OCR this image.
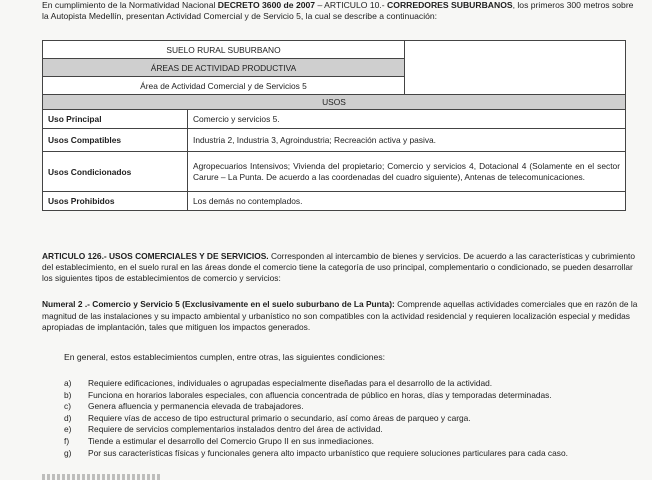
En cumplimiento de la Normatividad Nacional DECRETO 3600 de 2007 – ARTICULO 10.- CORREDORES SUBURBANOS, los primeros 300 metros sobre la Autopista Medellín, presentan Actividad Comercial y de Servicio 5, la cual se describe a continuación:

SUELO RURAL SUBURBANO		
ÁREAS DE ACTIVIDAD PRODUCTIVA		
Área de Actividad Comercial y de Servicios 5		
USOS		
Uso Principal	Comercio y servicios 5.	
Usos Compatibles	Industria 2, Industria 3, Agroindustria; Recreación activa y pasiva.	
Usos Condicionados	Agropecuarios Intensivos; Vivienda del propietario; Comercio y servicios 4, Dotacional 4 (Solamente en el sector Carure – La Punta. De acuerdo a las coordenadas del cuadro siguiente), Antenas de telecomunicaciones.	
Usos Prohibidos	Los demás no contemplados.	

ARTICULO 126.- USOS COMERCIALES Y DE SERVICIOS. Corresponden al intercambio de bienes y servicios. De acuerdo a las características y cubrimiento del establecimiento, en el suelo rural en las áreas donde el comercio tiene la categoría de uso principal, complementario o condicionado, se pueden desarrollar los siguientes tipos de establecimientos de comercio y servicios:

Numeral 2 .- Comercio y Servicio 5 (Exclusivamente en el suelo suburbano de La Punta): Comprende aquellas actividades comerciales que en razón de la magnitud de las instalaciones y su impacto ambiental y urbanístico no son compatibles con la actividad residencial y requieren localización especial y medidas apropiadas de implantación, tales que mitiguen los impactos generados.

En general, estos establecimientos cumplen, entre otras, las siguientes condiciones:
a) Requiere edificaciones, individuales o agrupadas especialmente diseñadas para el desarrollo de la actividad.
b) Funciona en horarios laborales especiales, con afluencia concentrada de público en horas, días y temporadas determinadas.
c) Genera afluencia y permanencia elevada de trabajadores.
d) Requiere vías de acceso de tipo estructural primario o secundario, así como áreas de parqueo y carga.
e) Requiere de servicios complementarios instalados dentro del área de actividad.
f) Tiende a estimular el desarrollo del Comercio Grupo II en sus inmediaciones.
g) Por sus características físicas y funcionales genera alto impacto urbanístico que requiere soluciones particulares para cada caso.
